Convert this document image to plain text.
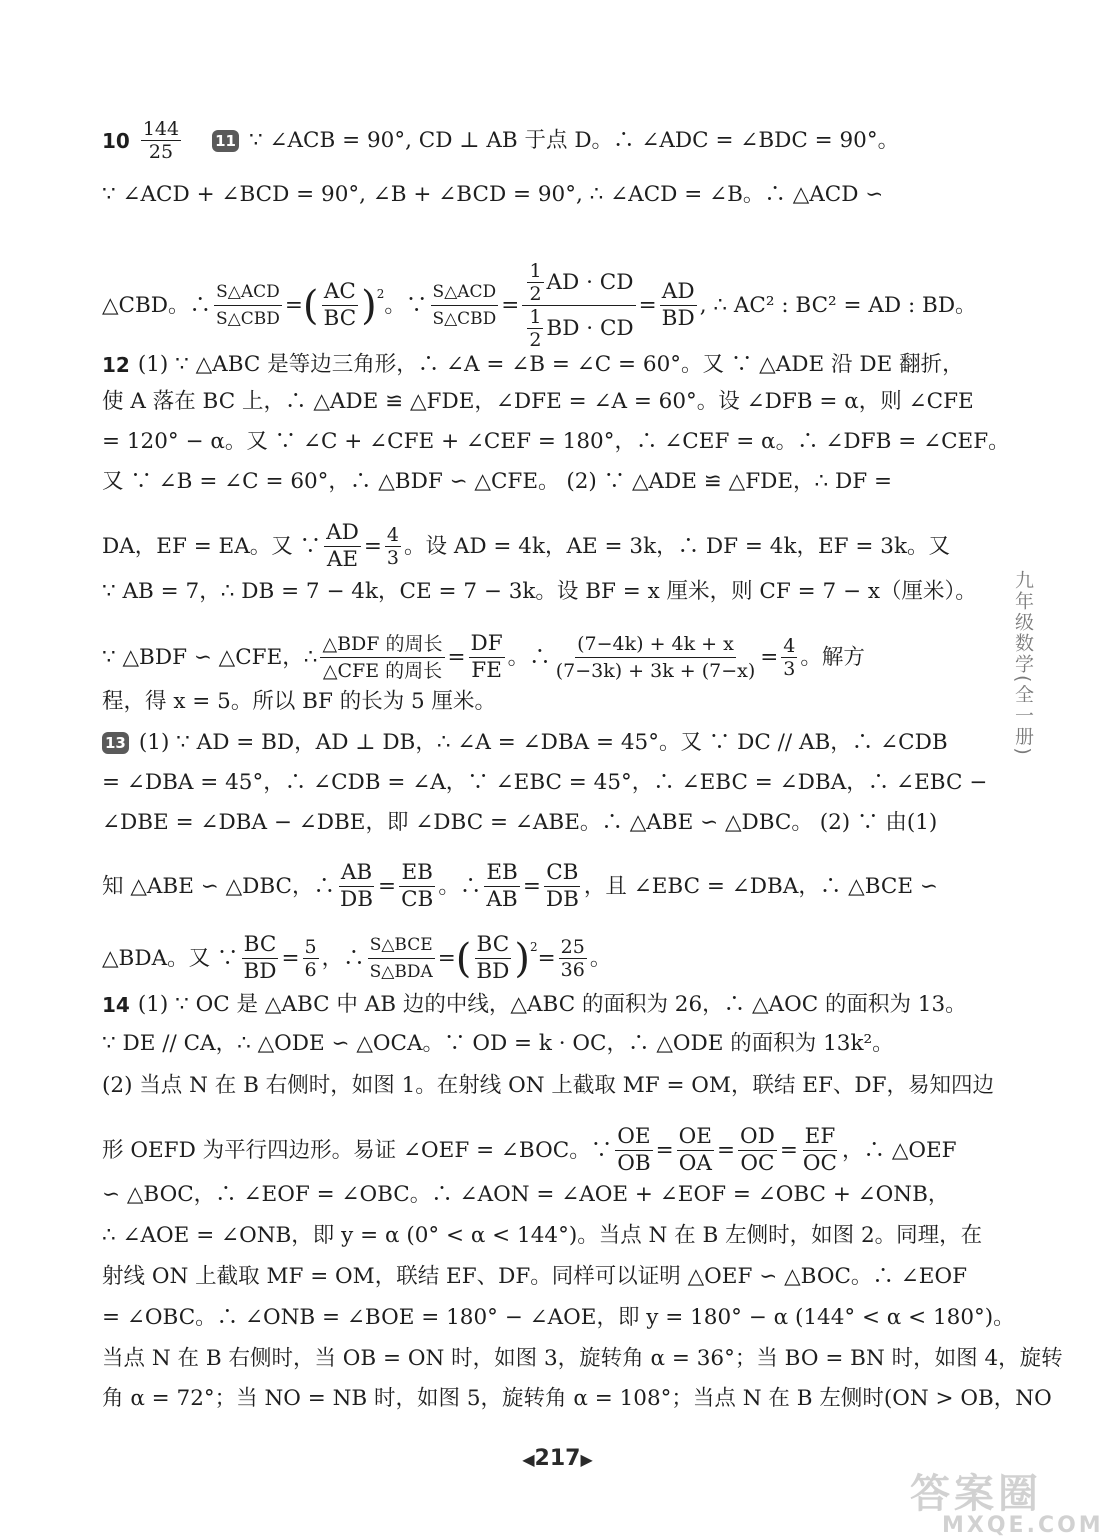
$10 \frac{144}{25} 11$ ∵ ∠ACB = 90°, CD ⊥ AB 于点 D。∴ ∠ADC = ∠BDC = 90°。
∵ ∠ACD + ∠BCD = 90°, ∠B + ∠BCD = 90°, ∴ ∠ACD = ∠B。∴ △ACD ∽
△CBD。∴ $\frac{\text{S△ACD}}{\text{S△CBD}}$ = ( $\frac{AC}{BC}$ ) 2 。∵ $\frac{\text{S△ACD}}{\text{S△CBD}} = \frac{\frac{1}{2} AD \cdot CD}{\frac{1}{2} BD \cdot CD} = \frac{AD}{BD}$ , ∴ AC² : BC² = AD : BD。
12 (1) ∵ △ABC 是等边三角形，∴ ∠A = ∠B = ∠C = 60°。又 ∵ △ADE 沿 DE 翻折，
使 A 落在 BC 上，∴ △ADE ≌ △FDE，∠DFE = ∠A = 60°。设 ∠DFB = α，则 ∠CFE
= 120° − α。又 ∵ ∠C + ∠CFE + ∠CEF = 180°，∴ ∠CEF = α。∴ ∠DFB = ∠CEF。
又 ∵ ∠B = ∠C = 60°，∴ △BDF ∽ △CFE。 (2) ∵ △ADE ≌ △FDE，∴ DF =
DA，EF = EA。又 ∵ $\frac{AD}{AE} = \frac{4}{3}$ 。设 AD = 4k，AE = 3k，∴ DF = 4k，EF = 3k。又
∵ AB = 7，∴ DB = 7 − 4k，CE = 7 − 3k。设 BF = x 厘米，则 CF = 7 − x（厘米）。
∵ △BDF ∽ △CFE，∴ $\frac{\text{△BDF 的周长}}{\text{△CFE 的周长}} = \frac{DF}{FE}$ 。∴ $\frac{(7-4k) + 4k + x}{(7-3k) + 3k + (7-x)} = \frac{4}{3}$ 。解方
程，得 x = 5。所以 BF 的长为 5 厘米。
13 (1) ∵ AD = BD，AD ⊥ DB，∴ ∠A = ∠DBA = 45°。又 ∵ DC // AB，∴ ∠CDB
= ∠DBA = 45°，∴ ∠CDB = ∠A，∵ ∠EBC = 45°，∴ ∠EBC = ∠DBA，∴ ∠EBC −
∠DBE = ∠DBA − ∠DBE，即 ∠DBC = ∠ABE。∴ △ABE ∽ △DBC。 (2) ∵ 由(1)
知 △ABE ∽ △DBC，∴ $\frac{AB}{DB} = \frac{EB}{CB}$ 。∴ $\frac{EB}{AB} = \frac{CB}{DB}$ ，且 ∠EBC = ∠DBA，∴ △BCE ∽
△BDA。又 ∵ $\frac{BC}{BD} = \frac{5}{6}$ ，∴ $\frac{\text{S△BCE}}{\text{S△BDA}}$ = ( $\frac{BC}{BD}$ ) $2 = \frac{25}{36}$ 。
14 (1) ∵ OC 是 △ABC 中 AB 边的中线，△ABC 的面积为 26，∴ △AOC 的面积为 13。
∵ DE // CA，∴ △ODE ∽ △OCA。∵ OD = k · OC，∴ △ODE 的面积为 13k²。
(2) 当点 N 在 B 右侧时，如图 1。在射线 ON 上截取 MF = OM，联结 EF、DF，易知四边
形 OEFD 为平行四边形。易证 ∠OEF = ∠BOC。∵ $\frac{OE}{OB} = \frac{OE}{OA} = \frac{OD}{OC} = \frac{EF}{OC}$ ，∴ △OEF
∽ △BOC，∴ ∠EOF = ∠OBC。∴ ∠AON = ∠AOE + ∠EOF = ∠OBC + ∠ONB，
∴ ∠AOE = ∠ONB，即 y = α (0° < α < 144°)。当点 N 在 B 左侧时，如图 2。同理，在
射线 ON 上截取 MF = OM，联结 EF、DF。同样可以证明 △OEF ∽ △BOC。∴ ∠EOF
= ∠OBC。∴ ∠ONB = ∠BOE = 180° − ∠AOE，即 y = 180° − α (144° < α < 180°)。
当点 N 在 B 右侧时，当 OB = ON 时，如图 3，旋转角 α = 36°；当 BO = BN 时，如图 4，旋转
角 α = 72°；当 NO = NB 时，如图 5，旋转角 α = 108°；当点 N 在 B 左侧时(ON > OB，NO
九年级数学(全一册)
◀217▶
答案圈
MXQE.COM
